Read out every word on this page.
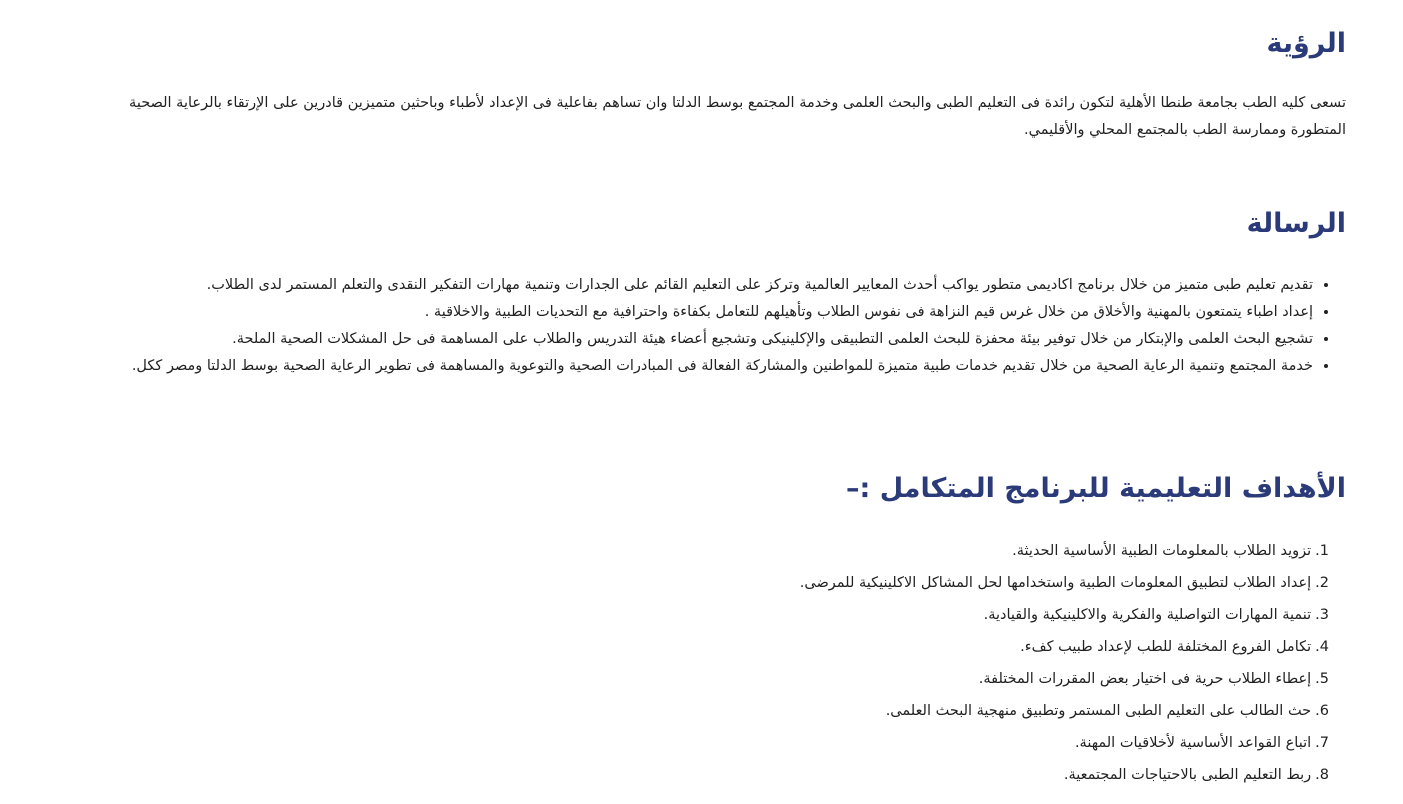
الرؤية

تسعى كليه الطب بجامعة طنطا الأهلية لتكون رائدة فى التعليم الطبى والبحث العلمى وخدمة المجتمع بوسط الدلتا وان تساهم بفاعلية فى الإعداد لأطباء وباحثين متميزين قادرين على الإرتقاء بالرعاية الصحية المتطورة وممارسة الطب بالمجتمع المحلي والأقليمي.

الرسالة
• تقديم تعليم طبى متميز من خلال برنامج اكاديمى متطور يواكب أحدث المعايير العالمية وتركز على التعليم القائم على الجدارات وتنمية مهارات التفكير النقدى والتعلم المستمر لدى الطلاب.
• إعداد اطباء يتمتعون بالمهنية والأخلاق من خلال غرس قيم النزاهة فى نفوس الطلاب وتأهيلهم للتعامل بكفاءة واحترافية مع التحديات الطبية والاخلاقية .
• تشجيع البحث العلمى والإبتكار من خلال توفير بيئة محفزة للبحث العلمى التطبيقى والإكلينيكى وتشجيع أعضاء هيئة التدريس والطلاب على المساهمة فى حل المشكلات الصحية الملحة.
• خدمة المجتمع وتنمية الرعاية الصحية من خلال تقديم خدمات طبية متميزة للمواطنين والمشاركة الفعالة فى المبادرات الصحية والتوعوية والمساهمة فى تطوير الرعاية الصحية بوسط الدلتا ومصر ككل.
الأهداف التعليمية للبرنامج المتكامل :–
1.تزويد الطلاب بالمعلومات الطبية الأساسية الحديثة.
2.إعداد الطلاب لتطبيق المعلومات الطبية واستخدامها لحل المشاكل الاكلينيكية للمرضى.
3.تنمية المهارات التواصلية والفكرية والاكلينيكية والقيادية.
4.تكامل الفروع المختلفة للطب لإعداد طبيب كفء.
5.إعطاء الطلاب حرية فى اختيار بعض المقررات المختلفة.
6.حث الطالب على التعليم الطبى المستمر وتطبيق منهجية البحث العلمى.
7.اتباع القواعد الأساسية لأخلاقيات المهنة.
8.ربط التعليم الطبى بالاحتياجات المجتمعية.
